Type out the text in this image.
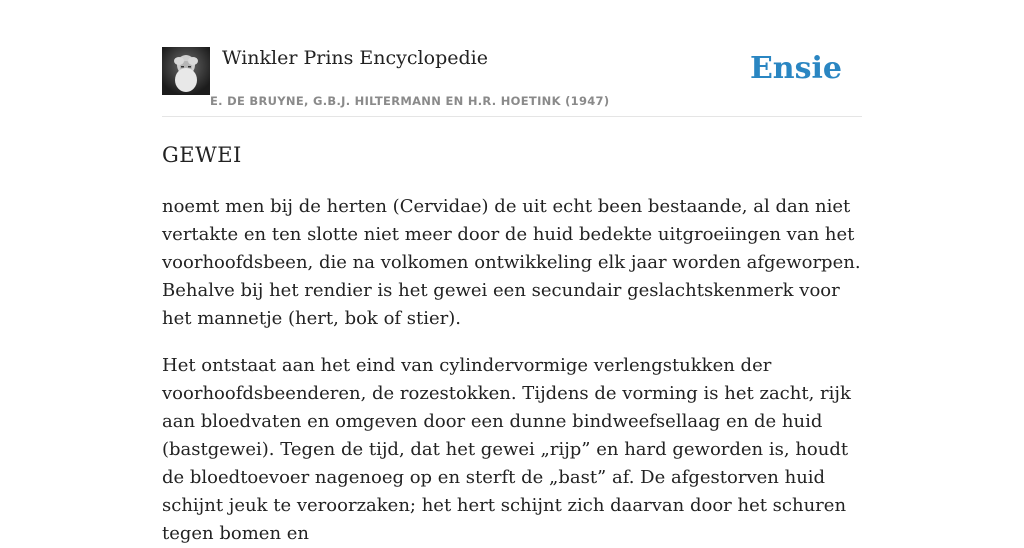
Winkler Prins Encyclopedie
E. DE BRUYNE, G.B.J. HILTERMANN EN H.R. HOETINK (1947)
Ensie
GEWEI

noemt men bij de herten (Cervidae) de uit echt been bestaande, al dan niet vertakte en ten slotte niet meer door de huid bedekte uitgroeiingen van het voorhoofdsbeen, die na volkomen ontwikkeling elk jaar worden afgeworpen. Behalve bij het rendier is het gewei een secundair geslachtskenmerk voor het mannetje (hert, bok of stier).

Het ontstaat aan het eind van cylindervormige verlengstukken der voorhoofdsbeenderen, de rozestokken. Tijdens de vorming is het zacht, rijk aan bloedvaten en omgeven door een dunne bindweefsellaag en de huid (bastgewei). Tegen de tijd, dat het gewei „rijp” en hard geworden is, houdt de bloedtoevoer nagenoeg op en sterft de „bast” af. De afgestorven huid schijnt jeuk te veroorzaken; het hert schijnt zich daarvan door het schuren tegen bomen en
